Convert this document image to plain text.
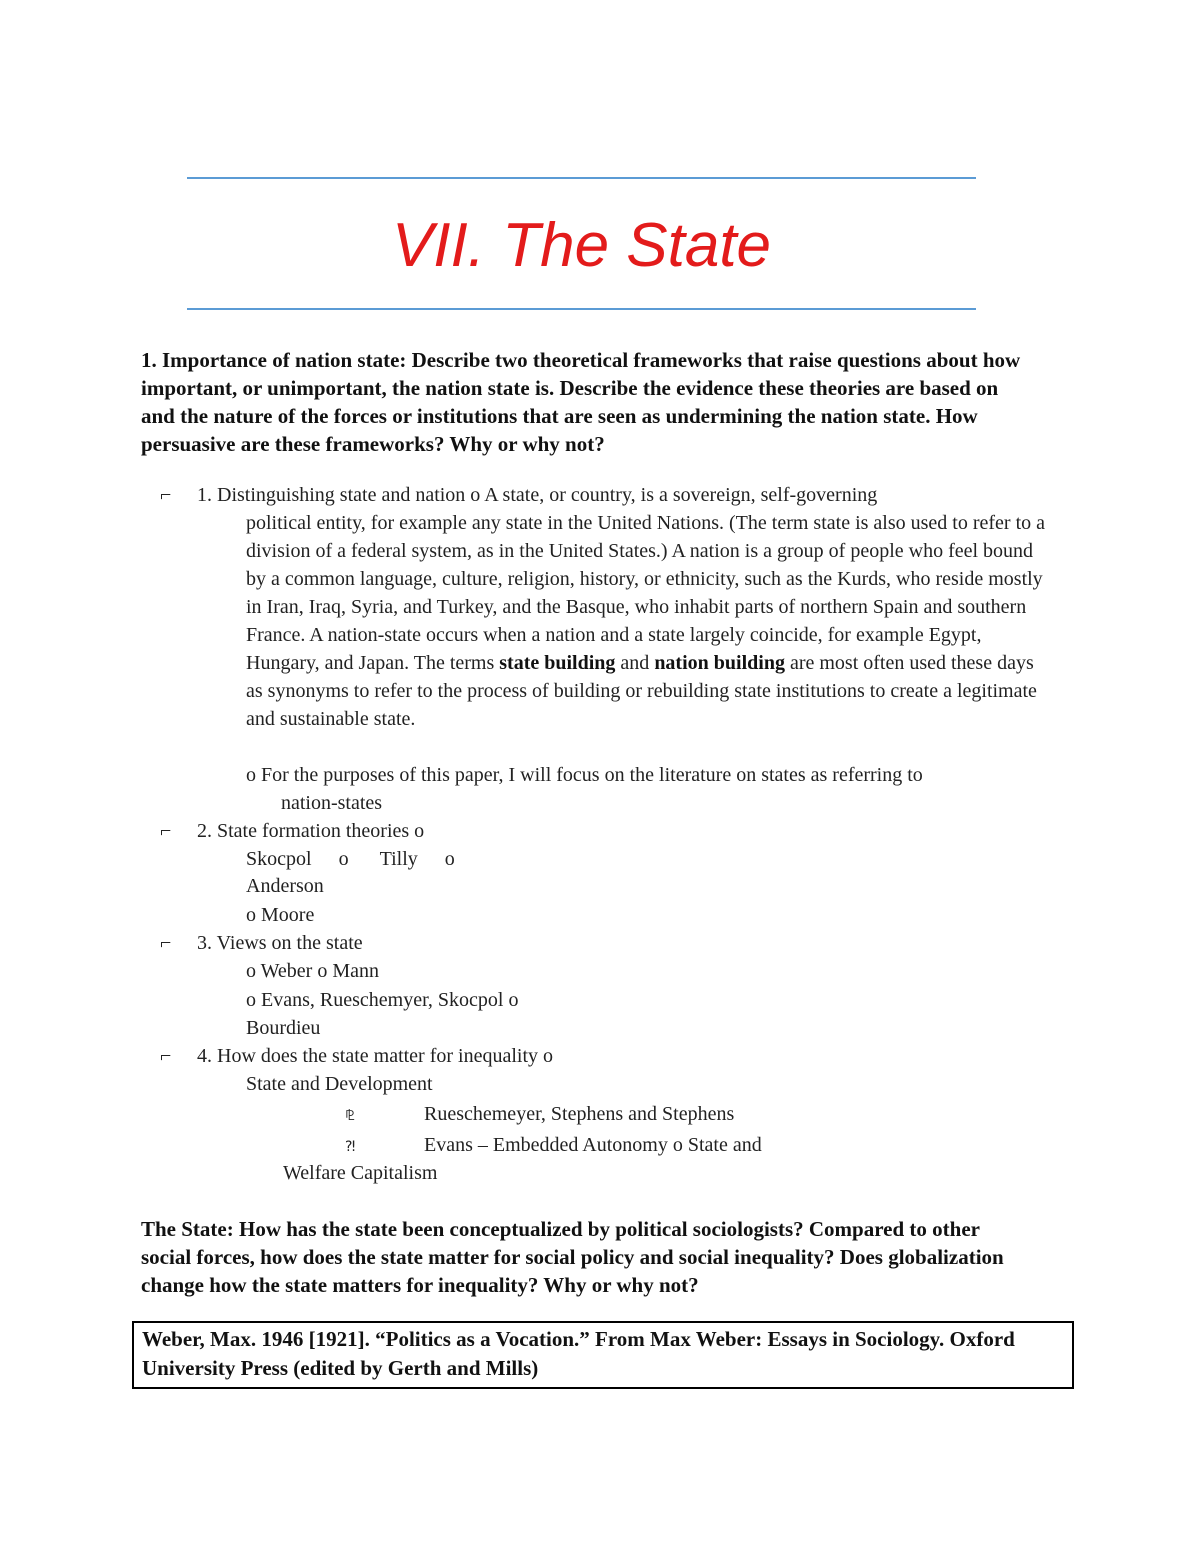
VII. The State
1. Importance of nation state: Describe two theoretical frameworks that raise questions about how important, or unimportant, the nation state is. Describe the evidence these theories are based on and the nature of the forces or institutions that are seen as undermining the nation state. How persuasive are these frameworks? Why or why not?
⌐ 1. Distinguishing state and nation o A state, or country, is a sovereign, self-governing
political entity, for example any state in the United Nations. (The term state is also used to refer to a division of a federal system, as in the United States.) A nation is a group of people who feel bound by a common language, culture, religion, history, or ethnicity, such as the Kurds, who reside mostly in Iran, Iraq, Syria, and Turkey, and the Basque, who inhabit parts of northern Spain and southern France. A nation-state occurs when a nation and a state largely coincide, for example Egypt, Hungary, and Japan. The terms state building and nation building are most often used these days as synonyms to refer to the process of building or rebuilding state institutions to create a legitimate and sustainable state.
o For the purposes of this paper, I will focus on the literature on states as referring to
nation-states
⌐ 2. State formation theories o
Skocpol o Tilly o
Anderson
o Moore
⌐ 3. Views on the state
o Weber o Mann
o Evans, Rueschemyer, Skocpol o
Bourdieu
⌐ 4. How does the state matter for inequality o
State and Development
⅊	Rueschemeyer, Stephens and Stephens
⁈	Evans – Embedded Autonomy o State and
Welfare Capitalism
The State: How has the state been conceptualized by political sociologists? Compared to other social forces, how does the state matter for social policy and social inequality? Does globalization change how the state matters for inequality? Why or why not?
Weber, Max. 1946 [1921]. “Politics as a Vocation.” From Max Weber: Essays in Sociology. Oxford University Press (edited by Gerth and Mills)
